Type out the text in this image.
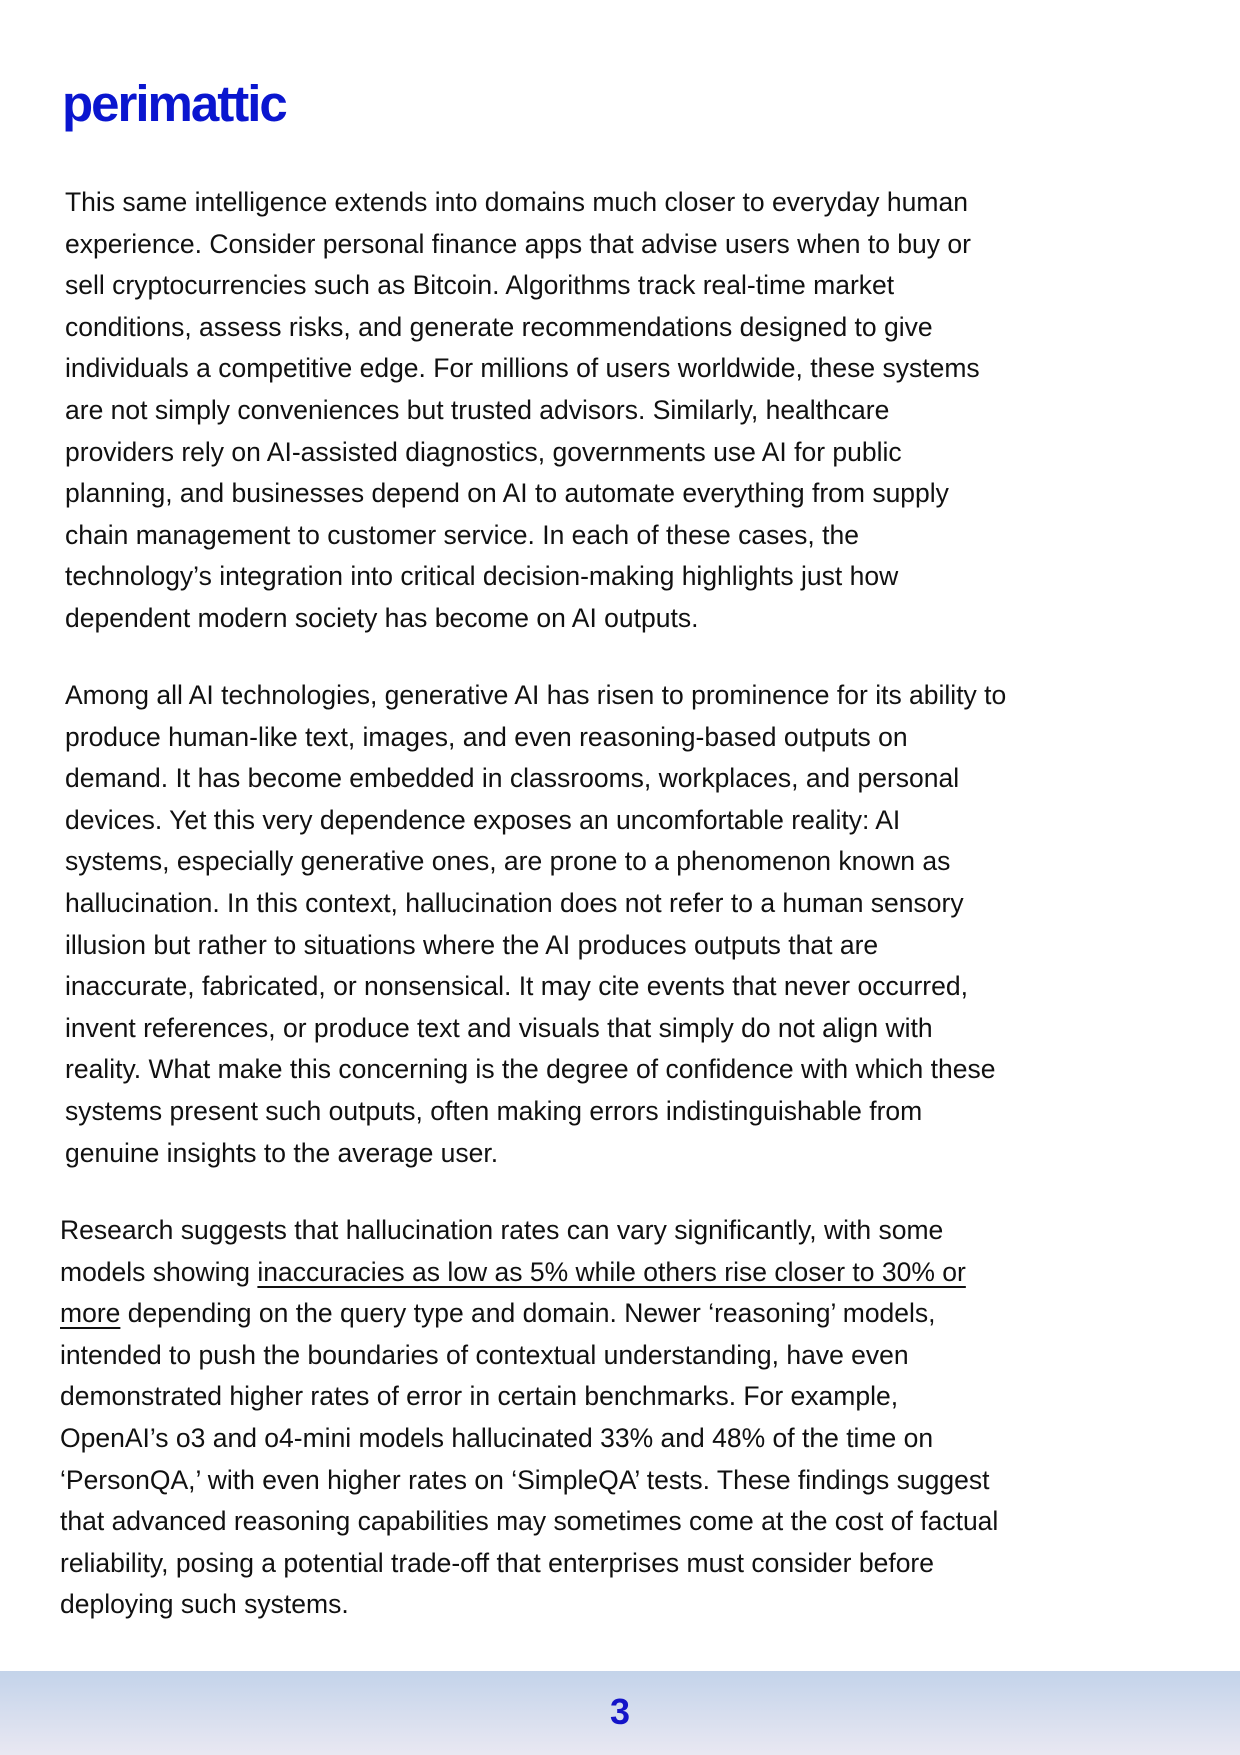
perimattic
This same intelligence extends into domains much closer to everyday human
experience. Consider personal finance apps that advise users when to buy or
sell cryptocurrencies such as Bitcoin. Algorithms track real-time market
conditions, assess risks, and generate recommendations designed to give
individuals a competitive edge. For millions of users worldwide, these systems
are not simply conveniences but trusted advisors. Similarly, healthcare
providers rely on AI-assisted diagnostics, governments use AI for public
planning, and businesses depend on AI to automate everything from supply
chain management to customer service. In each of these cases, the
technology’s integration into critical decision-making highlights just how
dependent modern society has become on AI outputs.
Among all AI technologies, generative AI has risen to prominence for its ability to
produce human-like text, images, and even reasoning-based outputs on
demand. It has become embedded in classrooms, workplaces, and personal
devices. Yet this very dependence exposes an uncomfortable reality: AI
systems, especially generative ones, are prone to a phenomenon known as
hallucination. In this context, hallucination does not refer to a human sensory
illusion but rather to situations where the AI produces outputs that are
inaccurate, fabricated, or nonsensical. It may cite events that never occurred,
invent references, or produce text and visuals that simply do not align with
reality. What make this concerning is the degree of confidence with which these
systems present such outputs, often making errors indistinguishable from
genuine insights to the average user.
Research suggests that hallucination rates can vary significantly, with some
models showing inaccuracies as low as 5% while others rise closer to 30% or
more depending on the query type and domain. Newer ‘reasoning’ models,
intended to push the boundaries of contextual understanding, have even
demonstrated higher rates of error in certain benchmarks. For example,
OpenAI’s o3 and o4-mini models hallucinated 33% and 48% of the time on
‘PersonQA,’ with even higher rates on ‘SimpleQA’ tests. These findings suggest
that advanced reasoning capabilities may sometimes come at the cost of factual
reliability, posing a potential trade-off that enterprises must consider before
deploying such systems.
3
